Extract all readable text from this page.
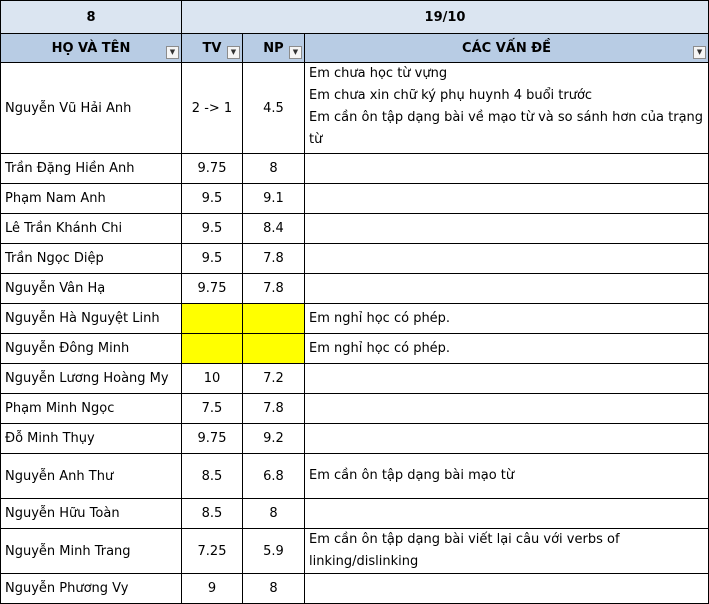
8	19/10		
HỌ VÀ TÊN ▼	TV ▼	NP ▼	CÁC VẤN ĐỀ ▼

Nguyễn Vũ Hải Anh	2 -> 1	4.5	Em chưa học từ vựng
Em chưa xin chữ ký phụ huynh 4 buổi trước
Em cần ôn tập dạng bài về mạo từ và so sánh hơn của trạng
từ

Trần Đặng Hiền Anh	9.75	8	
Phạm Nam Anh	9.5	9.1	
Lê Trần Khánh Chi	9.5	8.4	
Trần Ngọc Diệp	9.5	7.8	
Nguyễn Vân Hạ	9.75	7.8	
Nguyễn Hà Nguyệt Linh			Em nghỉ học có phép.

Nguyễn Đông Minh			Em nghỉ học có phép.

Nguyễn Lương Hoàng My	10	7.2	
Phạm Minh Ngọc	7.5	7.8	
Đỗ Minh Thụy	9.75	9.2	
Nguyễn Anh Thư	8.5	6.8	Em cần ôn tập dạng bài mạo từ

Nguyễn Hữu Toàn	8.5	8	
Nguyễn Minh Trang	7.25	5.9	Em cần ôn tập dạng bài viết lại câu với verbs of
linking/dislinking

Nguyễn Phương Vy	9	8	
